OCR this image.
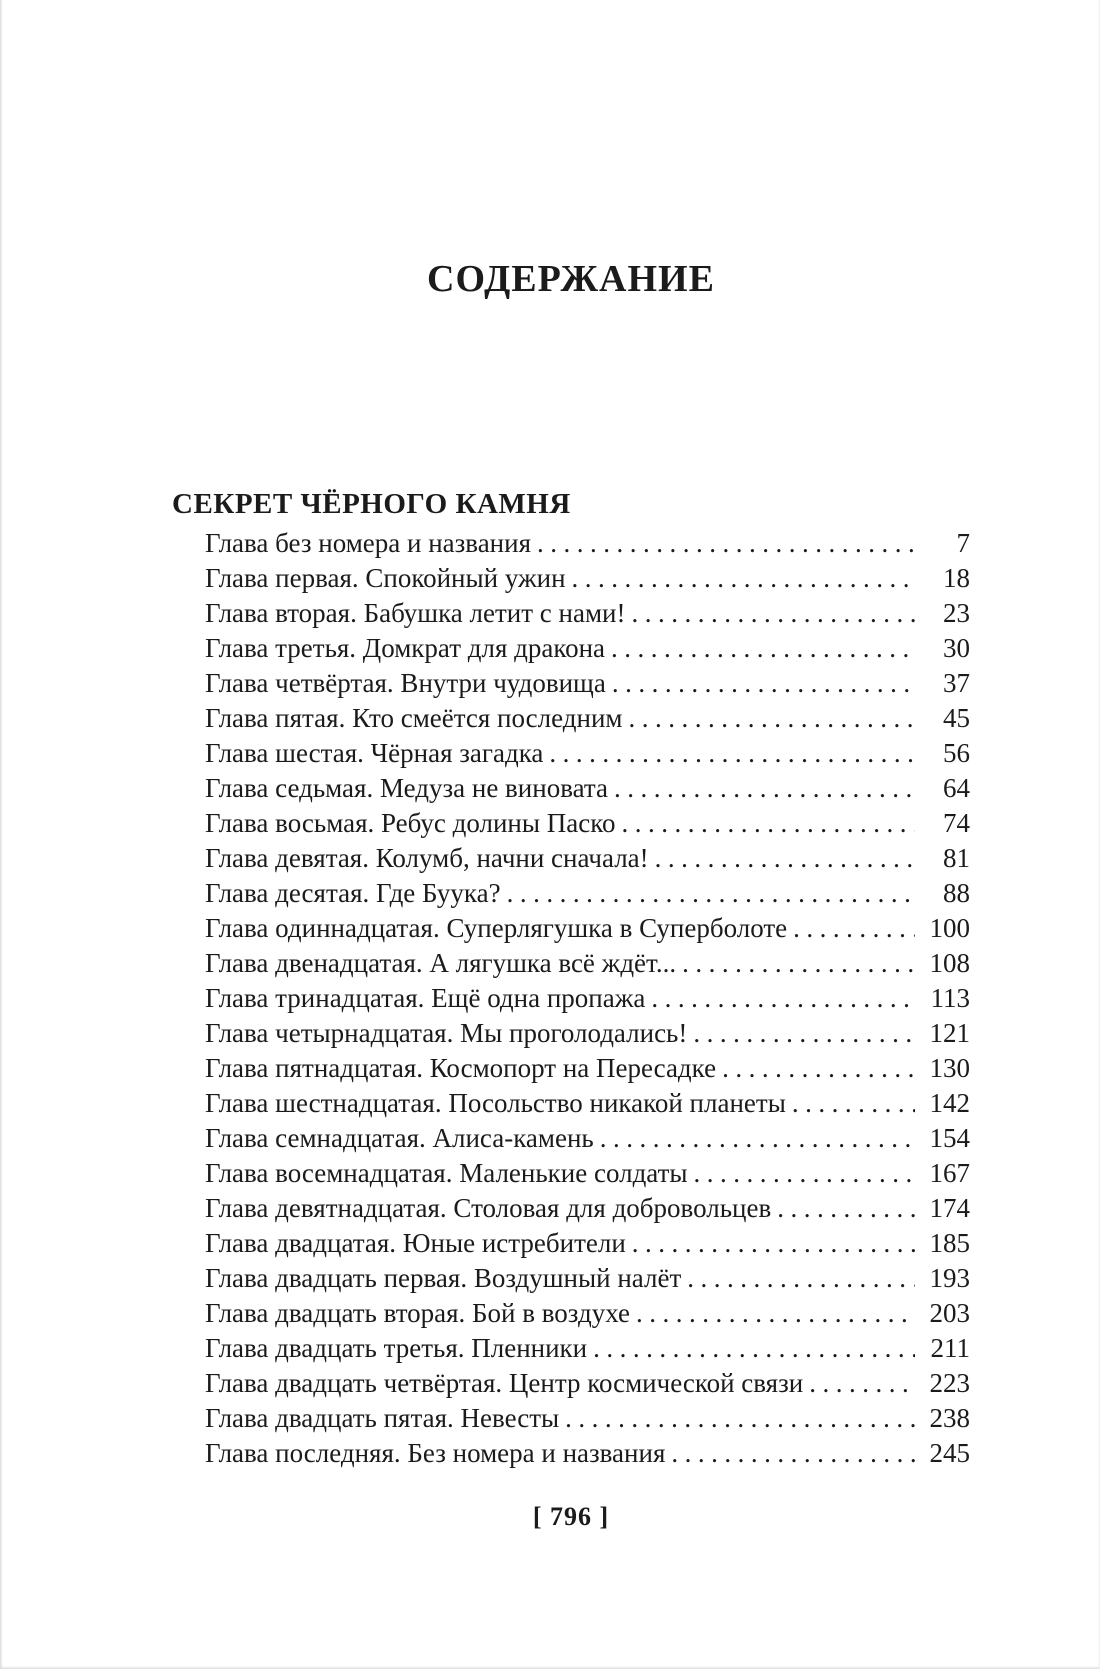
СОДЕРЖАНИЕ
СЕКРЕТ ЧЁРНОГО КАМНЯ
Глава без номера и названия .....	7
Глава первая. Спокойный ужин .....	18
Глава вторая. Бабушка летит с нами! .....	23
Глава третья. Домкрат для дракона .....	30
Глава четвёртая. Внутри чудовища .....	37
Глава пятая. Кто смеётся последним .....	45
Глава шестая. Чёрная загадка .....	56
Глава седьмая. Медуза не виновата .....	64
Глава восьмая. Ребус долины Паско .....	74
Глава девятая. Колумб, начни сначала! .....	81
Глава десятая. Где Буука? .....	88
Глава одиннадцатая. Суперлягушка в Суперболоте .....	100
Глава двенадцатая. А лягушка всё ждёт... .....	108
Глава тринадцатая. Ещё одна пропажа .....	113
Глава четырнадцатая. Мы проголодались! .....	121
Глава пятнадцатая. Космопорт на Пересадке .....	130
Глава шестнадцатая. Посольство никакой планеты .....	142
Глава семнадцатая. Алиса-камень .....	154
Глава восемнадцатая. Маленькие солдаты .....	167
Глава девятнадцатая. Столовая для добровольцев .....	174
Глава двадцатая. Юные истребители .....	185
Глава двадцать первая. Воздушный налёт .....	193
Глава двадцать вторая. Бой в воздухе .....	203
Глава двадцать третья. Пленники .....	211
Глава двадцать четвёртая. Центр космической связи .....	223
Глава двадцать пятая. Невесты .....	238
Глава последняя. Без номера и названия .....	245
[ 796 ]
